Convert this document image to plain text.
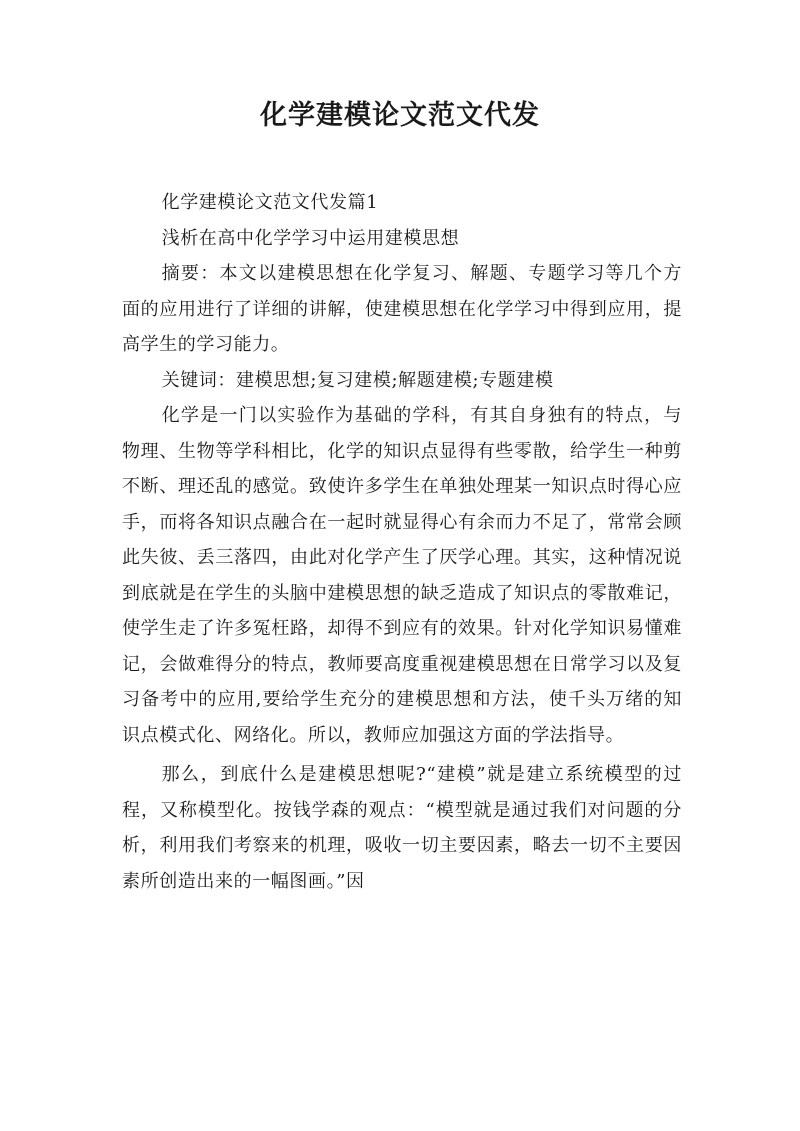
化学建模论文范文代发

化学建模论文范文代发篇1

浅析在高中化学学习中运用建模思想

摘要：本文以建模思想在化学复习、解题、专题学习等几个方面的应用进行了详细的讲解，使建模思想在化学学习中得到应用，提高学生的学习能力。

关键词：建模思想;复习建模;解题建模;专题建模

化学是一门以实验作为基础的学科，有其自身独有的特点，与物理、生物等学科相比，化学的知识点显得有些零散，给学生一种剪不断、理还乱的感觉。致使许多学生在单独处理某一知识点时得心应手，而将各知识点融合在一起时就显得心有余而力不足了，常常会顾此失彼、丢三落四，由此对化学产生了厌学心理。其实，这种情况说到底就是在学生的头脑中建模思想的缺乏造成了知识点的零散难记，使学生走了许多冤枉路，却得不到应有的效果。针对化学知识易懂难记，会做难得分的特点，教师要高度重视建模思想在日常学习以及复习备考中的应用,要给学生充分的建模思想和方法，使千头万绪的知识点模式化、网络化。所以，教师应加强这方面的学法指导。

那么，到底什么是建模思想呢?“建模”就是建立系统模型的过程，又称模型化。按钱学森的观点：“模型就是通过我们对问题的分析，利用我们考察来的机理，吸收一切主要因素，略去一切不主要因素所创造出来的一幅图画。”因
